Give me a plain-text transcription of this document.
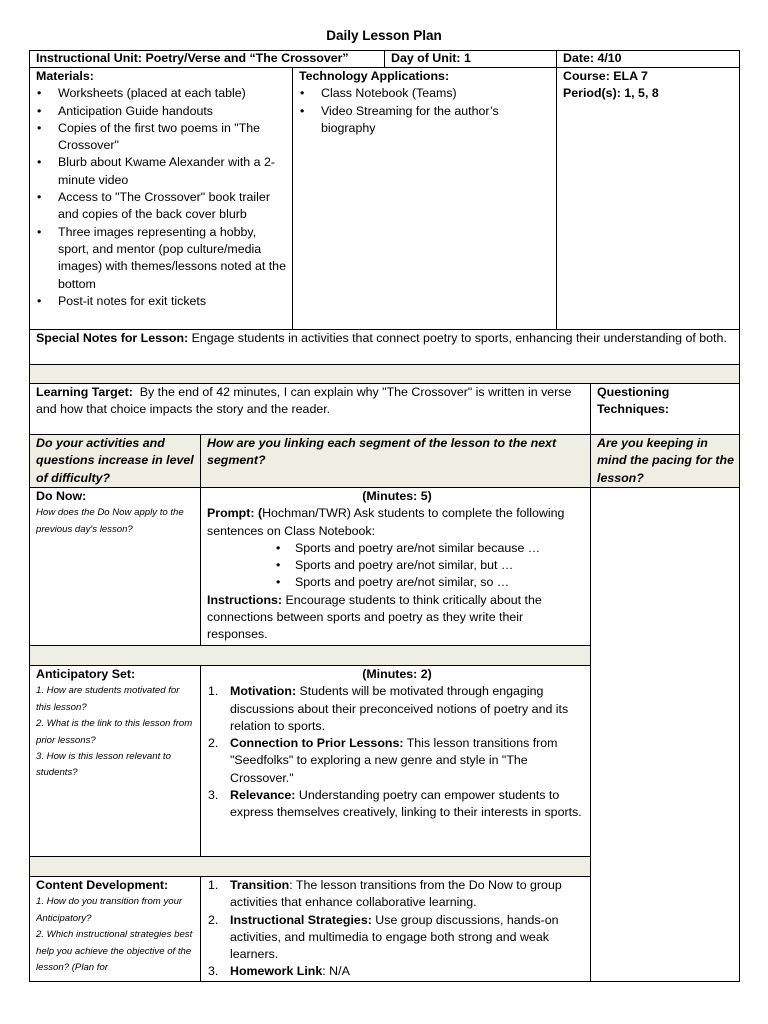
Daily Lesson Plan
Instructional Unit: Poetry/Verse and “The Crossover”	Day of Unit: 1	Date: 4/10
Materials:
• Worksheets (placed at each table)
• Anticipation Guide handouts
• Copies of the first two poems in "The Crossover"
• Blurb about Kwame Alexander with a 2-minute video
• Access to "The Crossover" book trailer and copies of the back cover blurb
• Three images representing a hobby, sport, and mentor (pop culture/media images) with themes/lessons noted at the bottom
• Post-it notes for exit tickets
Technology Applications:
• Class Notebook (Teams)
• Video Streaming for the author’s biography
Course: ELA 7
Period(s): 1, 5, 8
Special Notes for Lesson: Engage students in activities that connect poetry to sports, enhancing their understanding of both.
Learning Target: By the end of 42 minutes, I can explain why "The Crossover" is written in verse and how that choice impacts the story and the reader.
Questioning Techniques:
Do your activities and questions increase in level of difficulty?
How are you linking each segment of the lesson to the next segment?
Are you keeping in mind the pacing for the lesson?
Do Now:
How does the Do Now apply to the previous day's lesson?
(Minutes: 5)
Prompt: (Hochman/TWR) Ask students to complete the following sentences on Class Notebook:
• Sports and poetry are/not similar because …
• Sports and poetry are/not similar, but …
• Sports and poetry are/not similar, so …
Instructions: Encourage students to think critically about the connections between sports and poetry as they write their responses.
Anticipatory Set:
1. How are students motivated for this lesson?
2. What is the link to this lesson from prior lessons?
3. How is this lesson relevant to students?
(Minutes: 2)
1. Motivation: Students will be motivated through engaging discussions about their preconceived notions of poetry and its relation to sports.
2. Connection to Prior Lessons: This lesson transitions from "Seedfolks" to exploring a new genre and style in "The Crossover."
3. Relevance: Understanding poetry can empower students to express themselves creatively, linking to their interests in sports.
Content Development:
1. How do you transition from your Anticipatory?
2. Which instructional strategies best help you achieve the objective of the lesson? (Plan for
1. Transition: The lesson transitions from the Do Now to group activities that enhance collaborative learning.
2. Instructional Strategies: Use group discussions, hands-on activities, and multimedia to engage both strong and weak learners.
3. Homework Link: N/A
